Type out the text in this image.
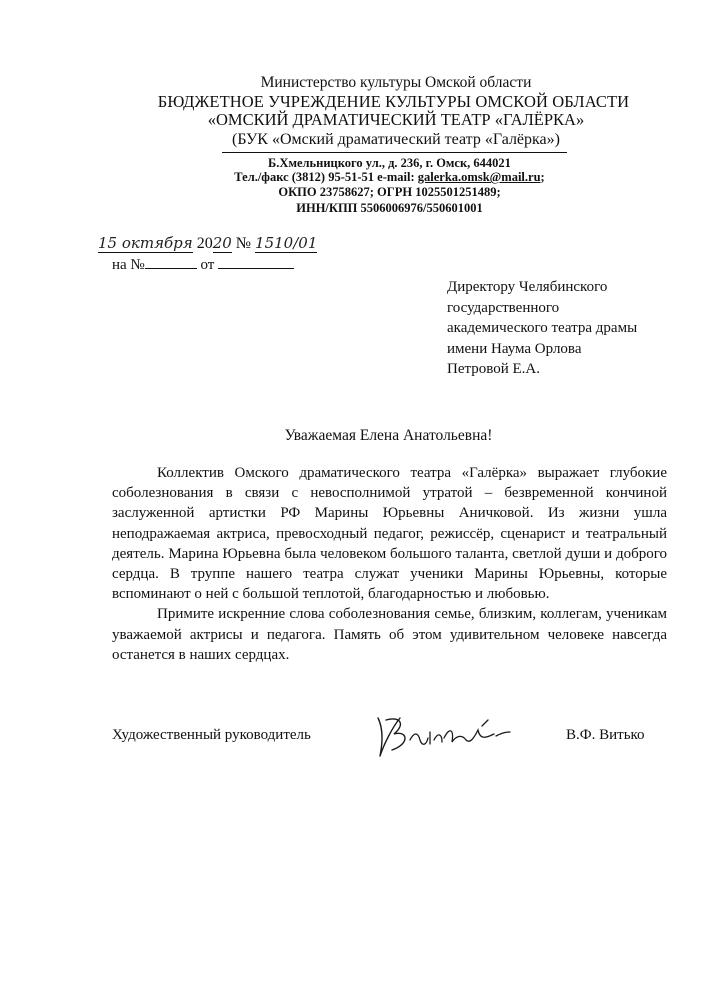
Министерство культуры Омской области
БЮДЖЕТНОЕ УЧРЕЖДЕНИЕ КУЛЬТУРЫ ОМСКОЙ ОБЛАСТИ
«ОМСКИЙ ДРАМАТИЧЕСКИЙ ТЕАТР «ГАЛЁРКА»
(БУК «Омский драматический театр «Галёрка»)
Б.Хмельницкого ул., д. 236, г. Омск, 644021
Тел./факс (3812) 95-51-51 e-mail: galerka.omsk@mail.ru;
ОКПО 23758627; ОГРН 1025501251489;
ИНН/КПП 5506006976/550601001
15 октября 2020 № 1510/01
на №	от
Директору Челябинского
государственного
академического театра драмы
имени Наума Орлова
Петровой Е.А.
Уважаемая Елена Анатольевна!

Коллектив Омского драматического театра «Галёрка» выражает глубокие соболезнования в связи с невосполнимой утратой – безвременной кончиной заслуженной артистки РФ Марины Юрьевны Аничковой. Из жизни ушла неподражаемая актриса, превосходный педагог, режиссёр, сценарист и театральный деятель. Марина Юрьевна была человеком большого таланта, светлой души и доброго сердца. В труппе нашего театра служат ученики Марины Юрьевны, которые вспоминают о ней с большой теплотой, благодарностью и любовью.

Примите искренние слова соболезнования семье, близким, коллегам, ученикам уважаемой актрисы и педагога. Память об этом удивительном человеке навсегда останется в наших сердцах.

Художественный руководитель	В.Ф. Витько
